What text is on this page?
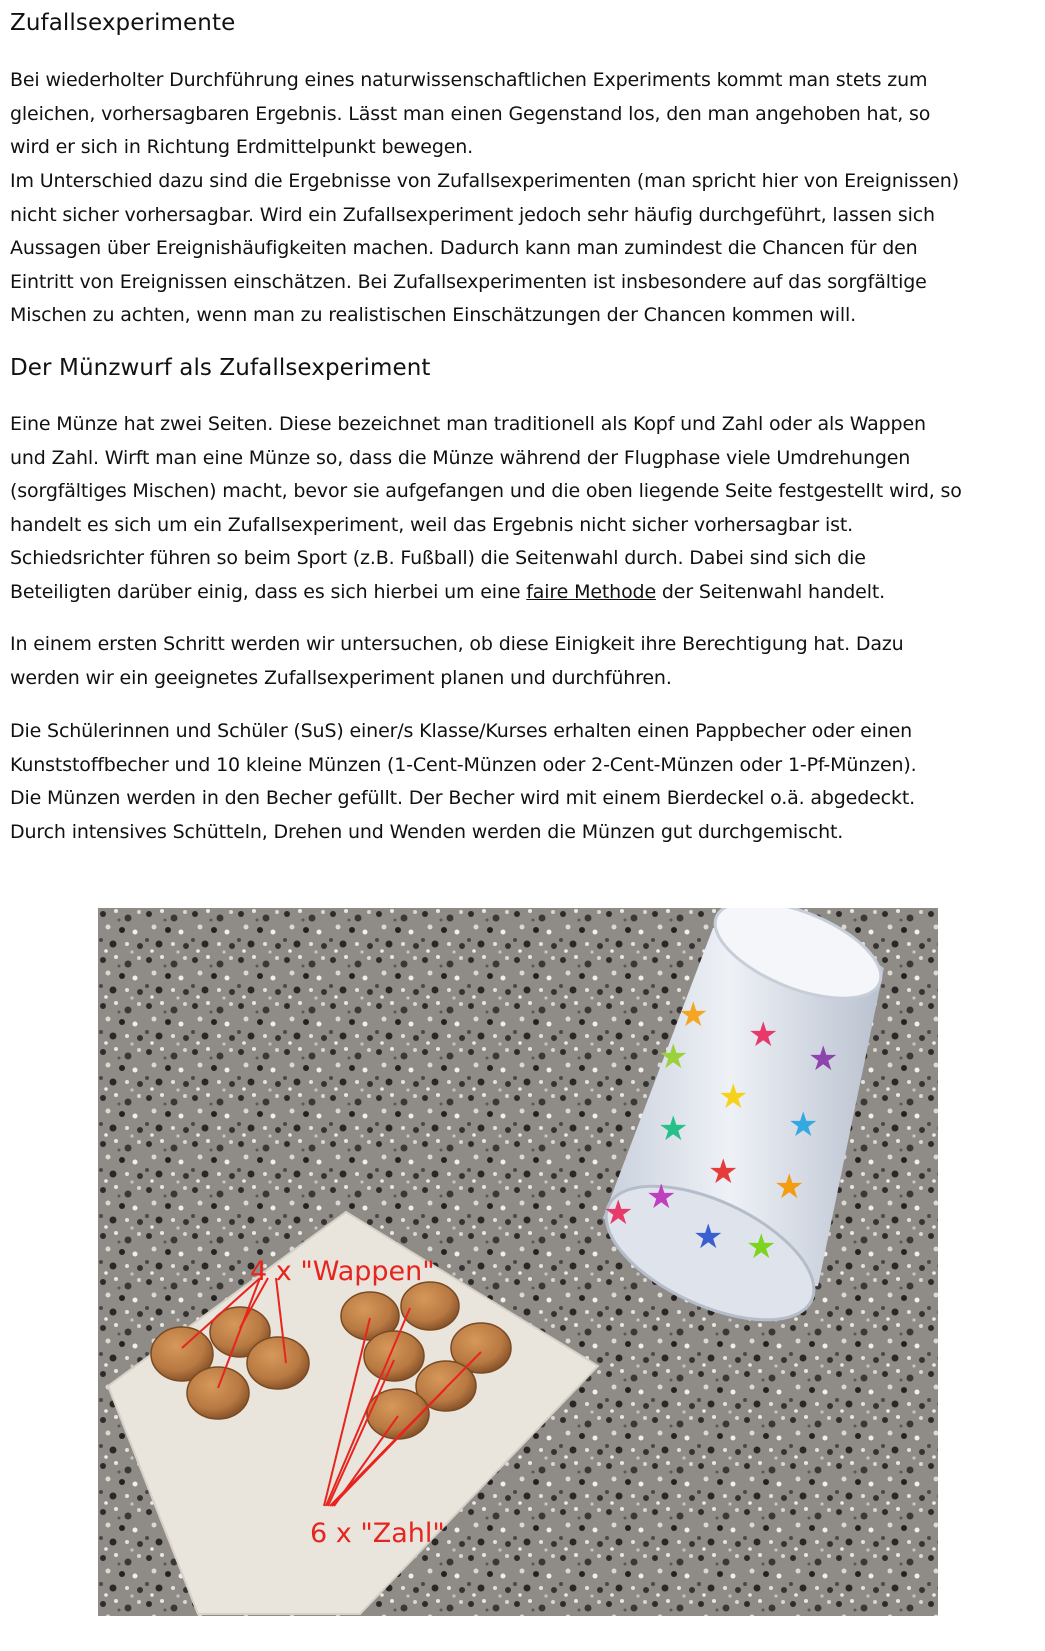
Zufallsexperimente

Bei wiederholter Durchführung eines naturwissenschaftlichen Experiments kommt man stets zum
gleichen, vorhersagbaren Ergebnis. Lässt man einen Gegenstand los, den man angehoben hat, so
wird er sich in Richtung Erdmittelpunkt bewegen.

Im Unterschied dazu sind die Ergebnisse von Zufallsexperimenten (man spricht hier von Ereignissen)
nicht sicher vorhersagbar. Wird ein Zufallsexperiment jedoch sehr häufig durchgeführt, lassen sich
Aussagen über Ereignishäufigkeiten machen. Dadurch kann man zumindest die Chancen für den
Eintritt von Ereignissen einschätzen. Bei Zufallsexperimenten ist insbesondere auf das sorgfältige
Mischen zu achten, wenn man zu realistischen Einschätzungen der Chancen kommen will.

Der Münzwurf als Zufallsexperiment

Eine Münze hat zwei Seiten. Diese bezeichnet man traditionell als Kopf und Zahl oder als Wappen
und Zahl. Wirft man eine Münze so, dass die Münze während der Flugphase viele Umdrehungen
(sorgfältiges Mischen) macht, bevor sie aufgefangen und die oben liegende Seite festgestellt wird, so
handelt es sich um ein Zufallsexperiment, weil das Ergebnis nicht sicher vorhersagbar ist.
Schiedsrichter führen so beim Sport (z.B. Fußball) die Seitenwahl durch. Dabei sind sich die
Beteiligten darüber einig, dass es sich hierbei um eine faire Methode der Seitenwahl handelt.

In einem ersten Schritt werden wir untersuchen, ob diese Einigkeit ihre Berechtigung hat. Dazu
werden wir ein geeignetes Zufallsexperiment planen und durchführen.

Die Schülerinnen und Schüler (SuS) einer/s Klasse/Kurses erhalten einen Pappbecher oder einen
Kunststoffbecher und 10 kleine Münzen (1-Cent-Münzen oder 2-Cent-Münzen oder 1-Pf-Münzen).
Die Münzen werden in den Becher gefüllt. Der Becher wird mit einem Bierdeckel o.ä. abgedeckt.
Durch intensives Schütteln, Drehen und Wenden werden die Münzen gut durchgemischt.

★ ★
★
★
★
★
★
★ ★
★
★ ★
★
4 x "Wappen"
6 x "Zahl"
